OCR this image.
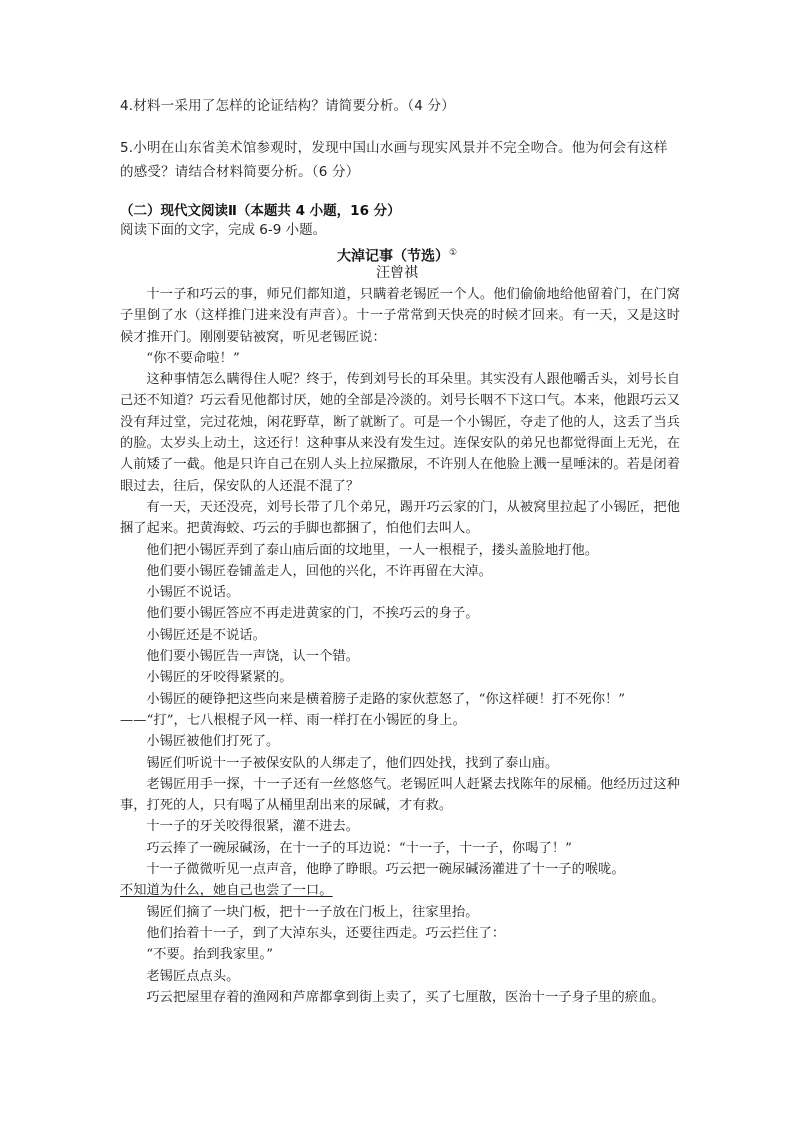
4.材料一采用了怎样的论证结构？请简要分析。（4 分）
5.小明在山东省美术馆参观时，发现中国山水画与现实风景并不完全吻合。他为何会有这样的感受？请结合材料简要分析。（6 分）
（二）现代文阅读Ⅱ（本题共 4 小题，16 分）
阅读下面的文字，完成 6-9 小题。
大淖记事（节选）①
汪曾祺

十一子和巧云的事，师兄们都知道，只瞒着老锡匠一个人。他们偷偷地给他留着门，在门窝子里倒了水（这样推门进来没有声音）。十一子常常到天快亮的时候才回来。有一天，又是这时候才推开门。刚刚要钻被窝，听见老锡匠说：

“你不要命啦！”

这种事情怎么瞒得住人呢？终于，传到刘号长的耳朵里。其实没有人跟他嚼舌头，刘号长自己还不知道？巧云看见他都讨厌，她的全部是冷淡的。刘号长咽不下这口气。本来，他跟巧云又没有拜过堂，完过花烛，闲花野草，断了就断了。可是一个小锡匠，夺走了他的人，这丢了当兵的脸。太岁头上动土，这还行！这种事从来没有发生过。连保安队的弟兄也都觉得面上无光，在人前矮了一截。他是只许自己在别人头上拉屎撒尿，不许别人在他脸上溅一星唾沫的。若是闭着眼过去，往后，保安队的人还混不混了？

有一天，天还没亮，刘号长带了几个弟兄，踢开巧云家的门，从被窝里拉起了小锡匠，把他捆了起来。把黄海蛟、巧云的手脚也都捆了，怕他们去叫人。

他们把小锡匠弄到了泰山庙后面的坟地里，一人一根棍子，搂头盖脸地打他。

他们要小锡匠卷铺盖走人，回他的兴化，不许再留在大淖。

小锡匠不说话。

他们要小锡匠答应不再走进黄家的门，不挨巧云的身子。

小锡匠还是不说话。

他们要小锡匠告一声饶，认一个错。

小锡匠的牙咬得紧紧的。

小锡匠的硬铮把这些向来是横着膀子走路的家伙惹怒了，“你这样硬！打不死你！”

——“打”，七八根棍子风一样、雨一样打在小锡匠的身上。

小锡匠被他们打死了。

锡匠们听说十一子被保安队的人绑走了，他们四处找，找到了泰山庙。

老锡匠用手一探，十一子还有一丝悠悠气。老锡匠叫人赶紧去找陈年的尿桶。他经历过这种事，打死的人，只有喝了从桶里刮出来的尿碱，才有救。

十一子的牙关咬得很紧，灌不进去。

巧云捧了一碗尿碱汤，在十一子的耳边说：“十一子，十一子，你喝了！”

十一子微微听见一点声音，他睁了睁眼。巧云把一碗尿碱汤灌进了十一子的喉咙。

不知道为什么，她自己也尝了一口。

锡匠们摘了一块门板，把十一子放在门板上，往家里抬。

他们抬着十一子，到了大淖东头，还要往西走。巧云拦住了：

“不要。抬到我家里。”

老锡匠点点头。

巧云把屋里存着的渔网和芦席都拿到街上卖了，买了七厘散，医治十一子身子里的瘀血。
